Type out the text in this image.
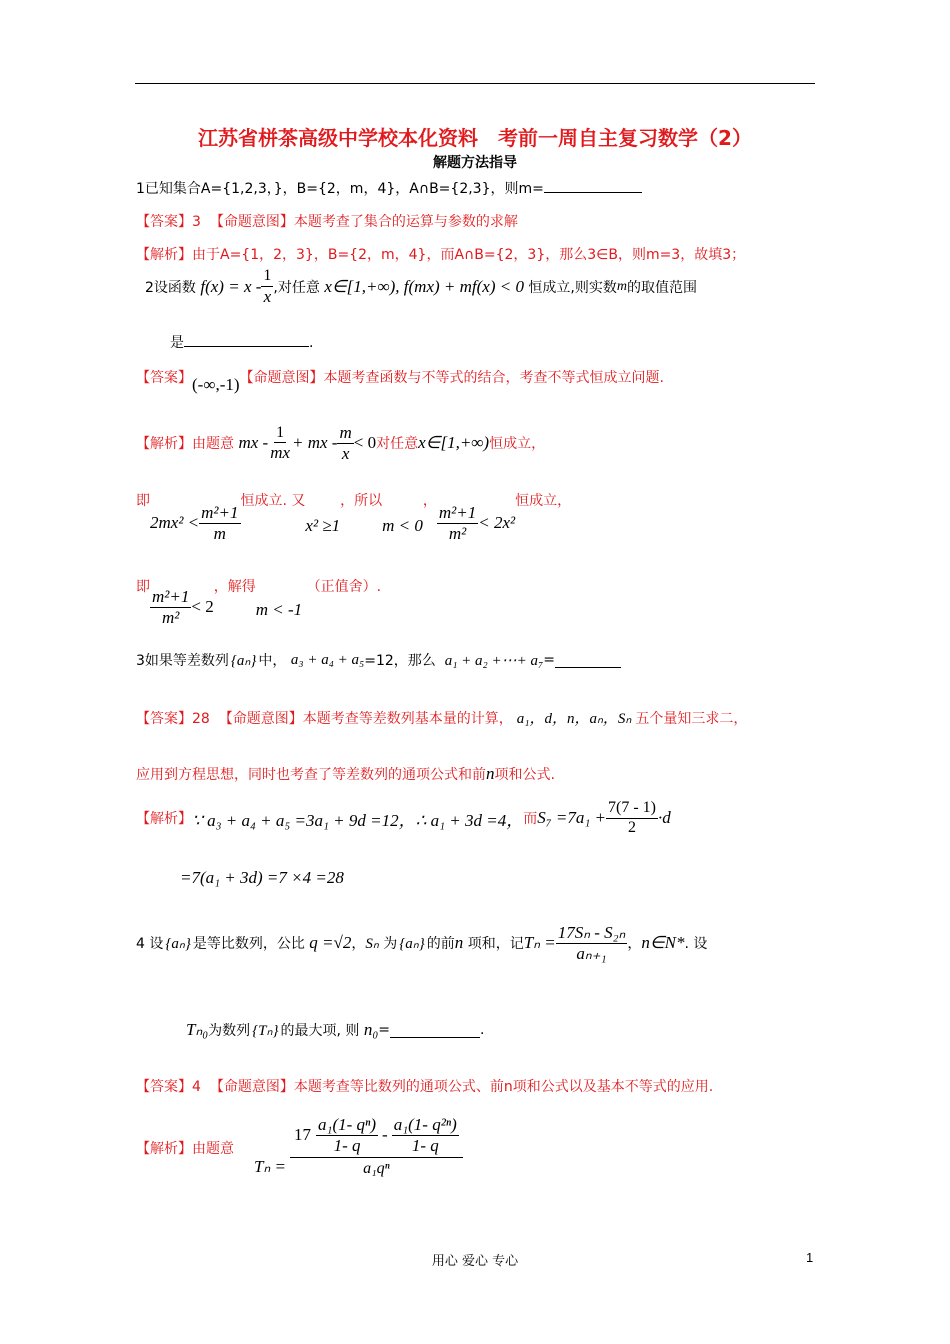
江苏省栟茶高级中学校本化资料　考前一周自主复习数学（2）
解题方法指导
1已知集合A={1,2,3，}，B={2，m，4}，A∩B={2,3}，则m=
【答案】3 【命题意图】本题考查了集合的运算与参数的求解
【解析】由于A={1，2，3}，B={2，m，4}，而A∩B={2，3}，那么3∈B，则m=3，故填3；
2设函数
$f(x) = x - \frac{1}{x}$ ,对任意
x∈[1,+∞), f(mx) + mf(x) < 0
恒成立,则实数 m 的取值范围
是	.
【答案】 (-∞,-1) 【命题意图】 本题考查函数与不等式的结合，考查不等式恒成立问题.
【解析】 由题意
mx - $\frac{1}{mx}$ + mx - $\frac{m}{x} < 0$ 对任意 x∈[1,+∞) 恒成立，
即
$2mx^2 < \frac{\text{m²+1}}{m}$
恒成立. 又
x² ≥1
，所以
m < 0
，
$\frac{\text{m²+1}}{\text{m²}} < 2x^2$
恒成立，
即
$\frac{\text{m²+1}}{\text{m²}} < 2$
，解得
m < -1

（正值舍）.
3如果等差数列 {aₙ} 中，
a₃ + a₄ + a₅ =12，那么
a₁ + a₂ +⋯+ a₇ =
【答案】28
【命题意图】 本题考查等差数列基本量的计算， a₁，d，n，aₙ，Sₙ 五个量知三求二，
应用到方程思想，同时也考查了等差数列的通项公式和前n项和公式.
【解析】 ∵ a₃ + a₄ + a₅ =3a₁ + 9d =12，∴ a₁ + 3d =4， 而 $S_7 =7a_1 + \frac{7(7 - 1)}{2} \cdot d$
=7(a₁ + 3d) =7 ×4 =28
4 设 {aₙ} 是等比数列，公比
q =√2 ， Sₙ
为 {aₙ} 的前 n
项和，记 $T_n = \frac{\text{17Sₙ - S₂ₙ}}{\text{aₙ₊₁}}$ ， n∈N* . 设
Tₙ₀ 为数列 {Tₙ} 的最大项, 则
n₀ =	.
【答案】4 【命题意图】本题考查等比数列的通项公式、前n项和公式以及基本不等式的应用.
【解析】 由题意
Tₙ = 17
$\frac{\text{a₁(1- qⁿ)}}{1- q} - \frac{\text{a₁(1- q²ⁿ)}}{1- q}$
a₁qⁿ
用心 爱心 专心	1
